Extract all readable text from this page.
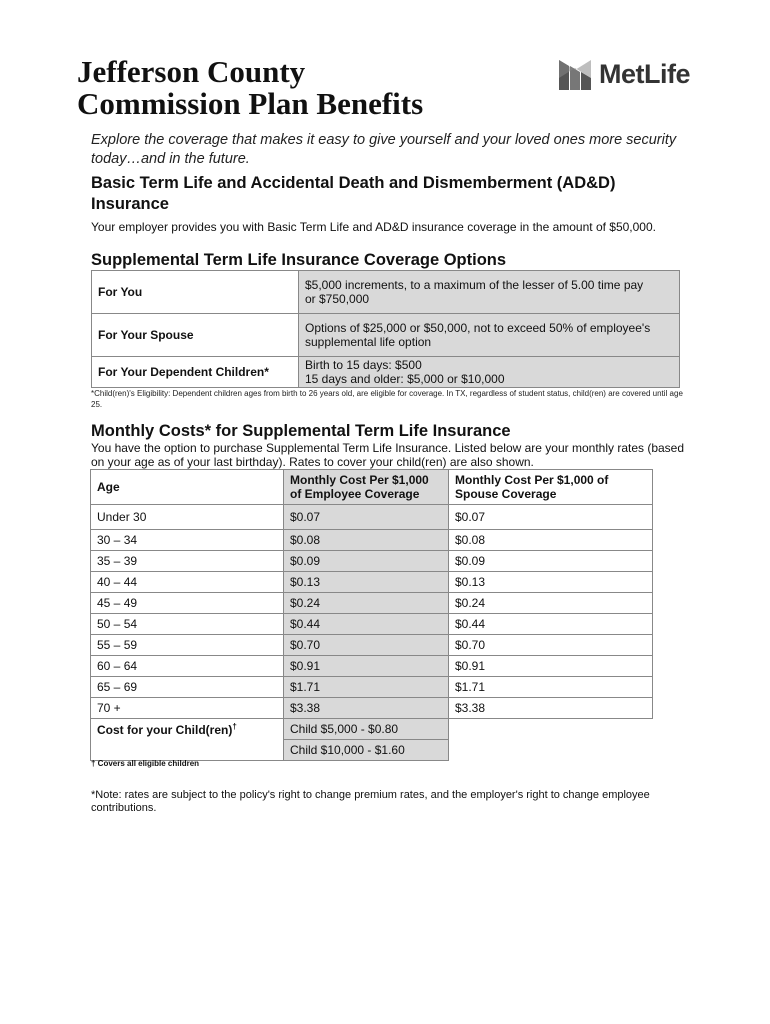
Jefferson County
Commission Plan Benefits
MetLife

Explore the coverage that makes it easy to give yourself and your loved ones more security today…and in the future.

Basic Term Life and Accidental Death and Dismemberment (AD&D) Insurance

Your employer provides you with Basic Term Life and AD&D insurance coverage in the amount of $50,000.

Supplemental Term Life Insurance Coverage Options
For You	$5,000 increments, to a maximum of the lesser of 5.00 time pay
or $750,000
For Your Spouse	Options of $25,000 or $50,000, not to exceed 50% of employee's
supplemental life option
For Your Dependent Children*	Birth to 15 days: $500
15 days and older: $5,000 or $10,000

*Child(ren)'s Eligibility: Dependent children ages from birth to 26 years old, are eligible for coverage. In TX, regardless of student status, child(ren) are covered until age 25.

Monthly Costs* for Supplemental Term Life Insurance

You have the option to purchase Supplemental Term Life Insurance. Listed below are your monthly rates (based on your age as of your last birthday). Rates to cover your child(ren) are also shown.

Age	Monthly Cost Per $1,000
of Employee Coverage	Monthly Cost Per $1,000 of
Spouse Coverage
Under 30	$0.07	$0.07
30 – 34	$0.08	$0.08
35 – 39	$0.09	$0.09
40 – 44	$0.13	$0.13
45 – 49	$0.24	$0.24
50 – 54	$0.44	$0.44
55 – 59	$0.70	$0.70
60 – 64	$0.91	$0.91
65 – 69	$1.71	$1.71
70 +	$3.38	$3.38
Cost for your Child(ren)†	Child $5,000 - $0.80	
	Child $10,000 - $1.60	

† Covers all eligible children

*Note: rates are subject to the policy's right to change premium rates, and the employer's right to change employee contributions.
